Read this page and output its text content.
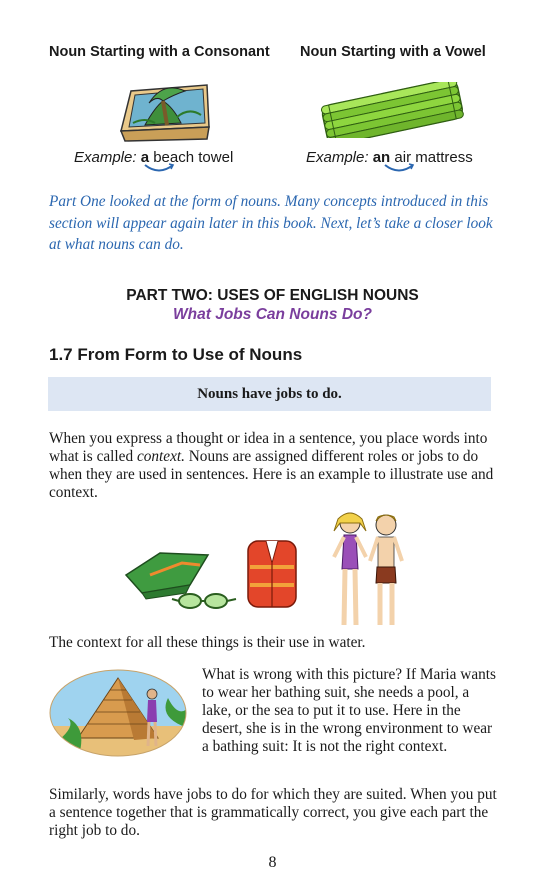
Noun Starting with a Consonant Noun Starting with a Vowel
Example: a beach towel	Example: an air mattress
Part One looked at the form of nouns. Many concepts introduced in this section will appear again later in this book. Next, let’s take a closer look at what nouns can do.
PART TWO: USES OF ENGLISH NOUNS
What Jobs Can Nouns Do?
1.7 From Form to Use of Nouns
Nouns have jobs to do.
When you express a thought or idea in a sentence, you place words into what is called context. Nouns are assigned different roles or jobs to do when they are used in sentences. Here is an example to illustrate use and context.
The context for all these things is their use in water.
What is wrong with this picture? If Maria wants to wear her bathing suit, she needs a pool, a lake, or the sea to put it to use. Here in the desert, she is in the wrong environment to wear a bathing suit: It is not the right context.
Similarly, words have jobs to do for which they are suited. When you put a sentence together that is grammatically correct, you give each part the right job to do.
8
